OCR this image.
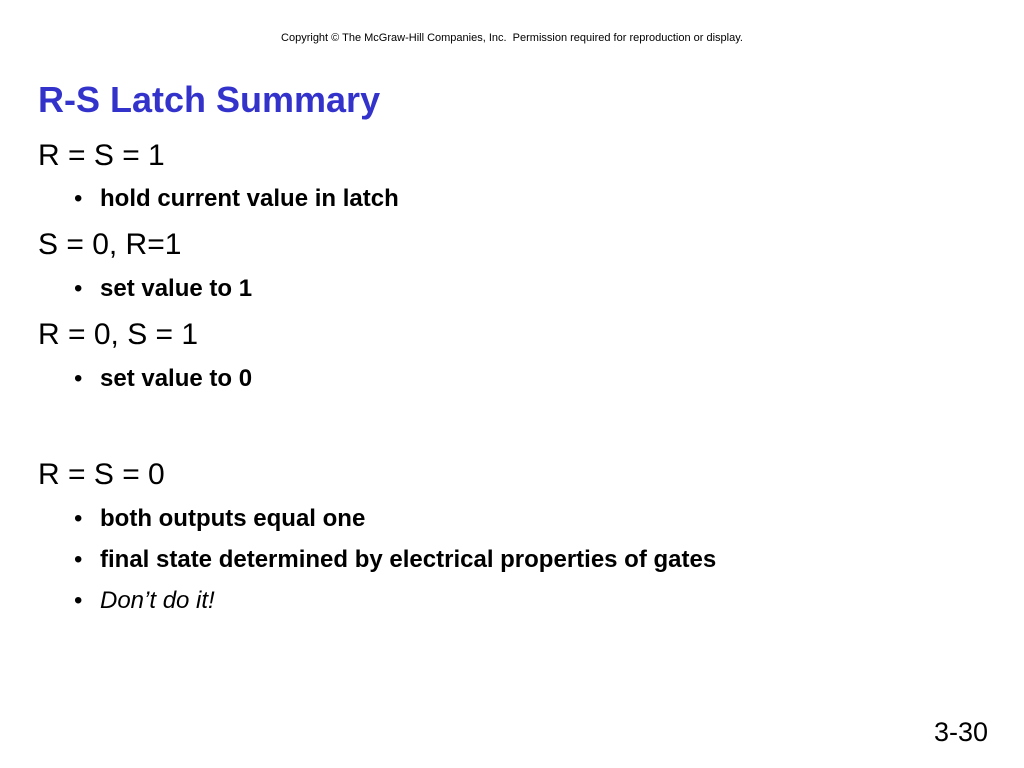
Copyright © The McGraw-Hill Companies, Inc.  Permission required for reproduction or display.
R-S Latch Summary
R = S = 1
• hold current value in latch
S = 0, R=1
• set value to 1
R = 0, S = 1
• set value to 0
R = S = 0
• both outputs equal one
• final state determined by electrical properties of gates
• Don’t do it!
3-30
